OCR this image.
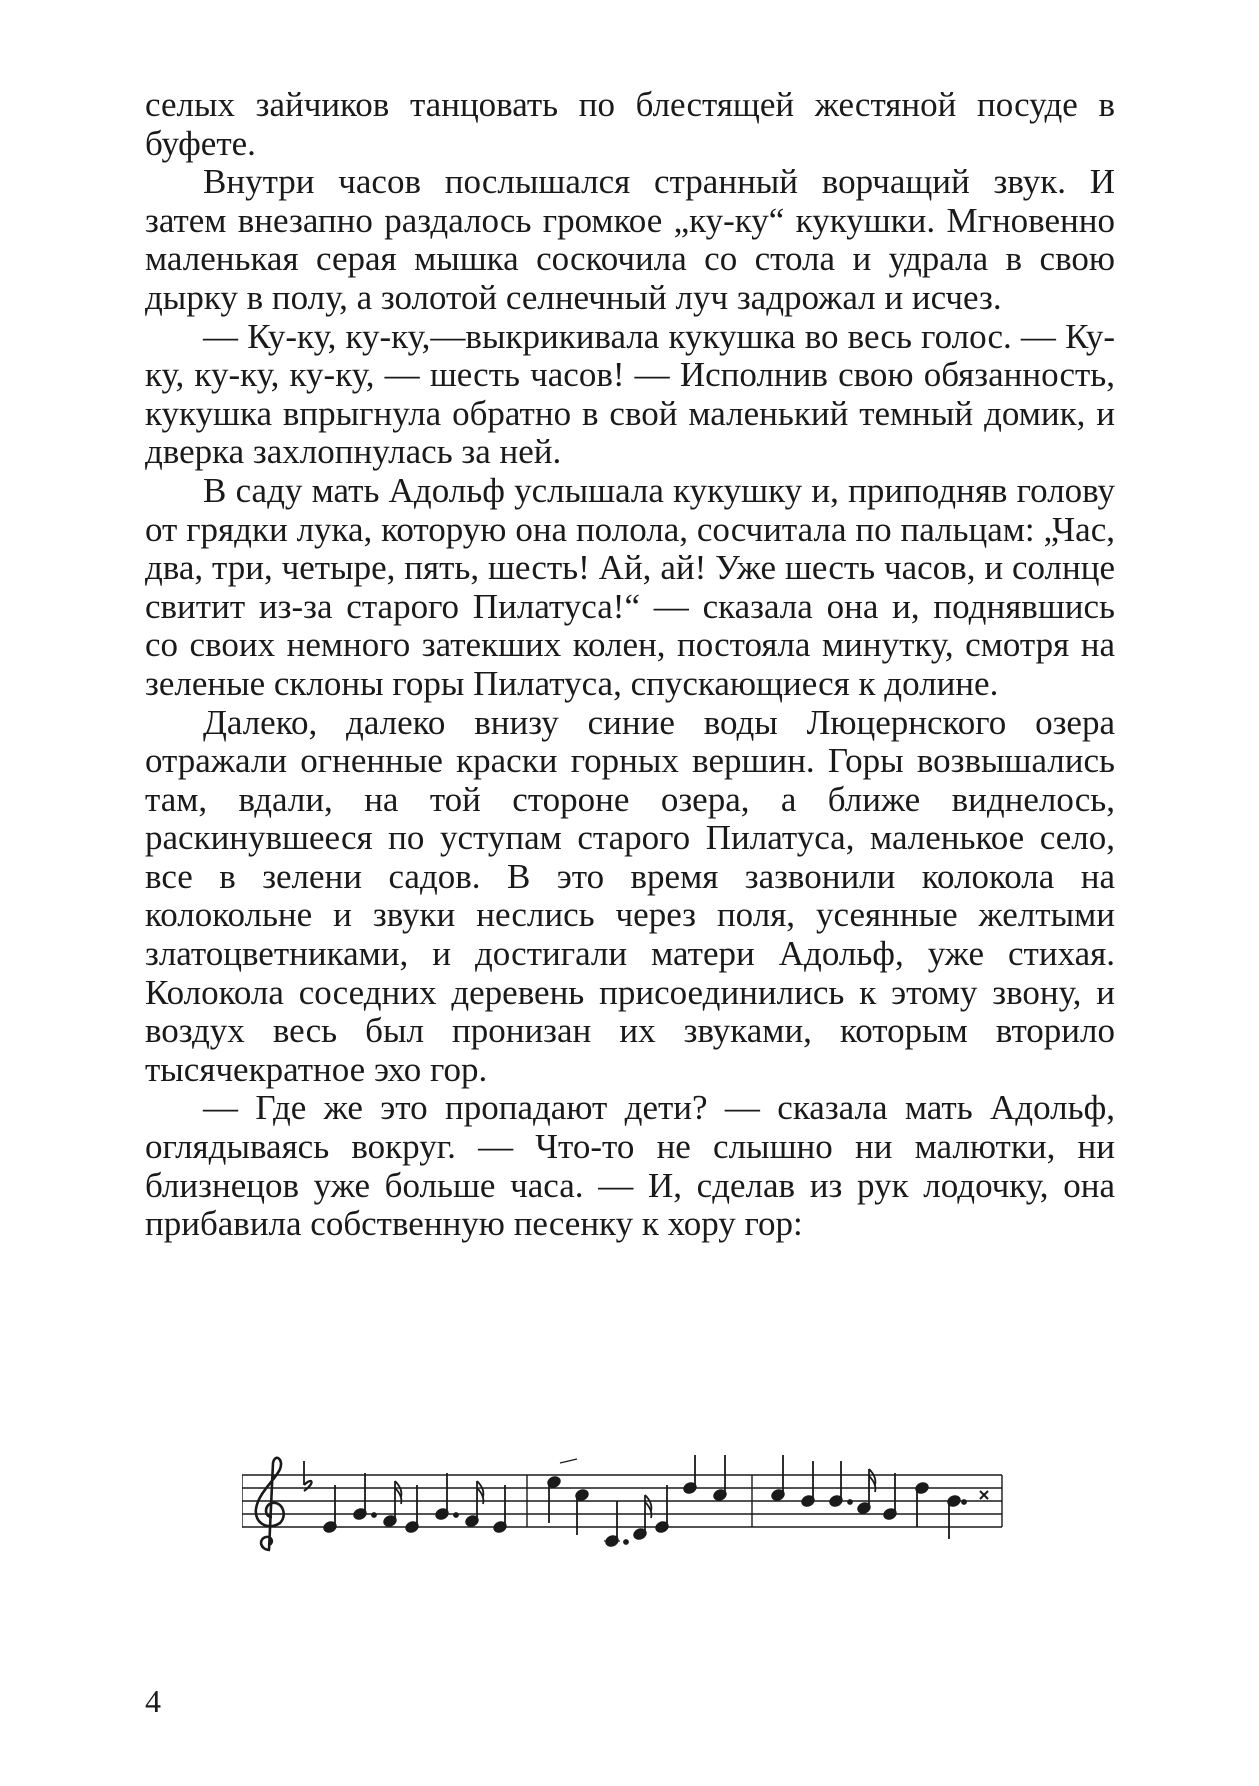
селых зайчиков танцовать по блестящей жестяной посуде в буфете.

Внутри часов послышался странный ворчащий звук. И затем внезапно раздалось громкое „ку-ку“ кукушки. Мгновенно маленькая серая мышка соскочила со стола и удрала в свою дырку в полу, а золотой селнечный луч задрожал и исчез.

— Ку-ку, ку-ку,—выкрикивала кукушка во весь голос. — Ку-ку, ку-ку, ку-ку, — шесть часов! — Исполнив свою обязанность, кукушка впрыгнула обратно в свой маленький темный домик, и дверка захлопнулась за ней.

В саду мать Адольф услышала кукушку и, приподняв голову от грядки лука, которую она полола, сосчитала по пальцам: „Час, два, три, четыре, пять, шесть! Ай, ай! Уже шесть часов, и солнце свитит из-за старого Пилатуса!“ — сказала она и, поднявшись со своих немного затекших колен, постояла минутку, смотря на зеленые склоны горы Пилатуса, спускающиеся к долине.

Далеко, далеко внизу синие воды Люцернского озера отражали огненные краски горных вершин. Горы возвышались там, вдали, на той стороне озера, а ближе виднелось, раскинувшееся по уступам старого Пилатуса, маленькое село, все в зелени садов. В это время зазвонили колокола на колокольне и звуки неслись через поля, усеянные желтыми златоцветниками, и достигали матери Адольф, уже стихая. Колокола соседних деревень присоединились к этому звону, и воздух весь был пронизан их звуками, которым вторило тысячекратное эхо гор.

— Где же это пропадают дети? — сказала мать Адольф, оглядываясь вокруг. — Что-то не слышно ни малютки, ни близнецов уже больше часа. — И, сделав из рук лодочку, она прибавила собственную песенку к хору гор:

4
